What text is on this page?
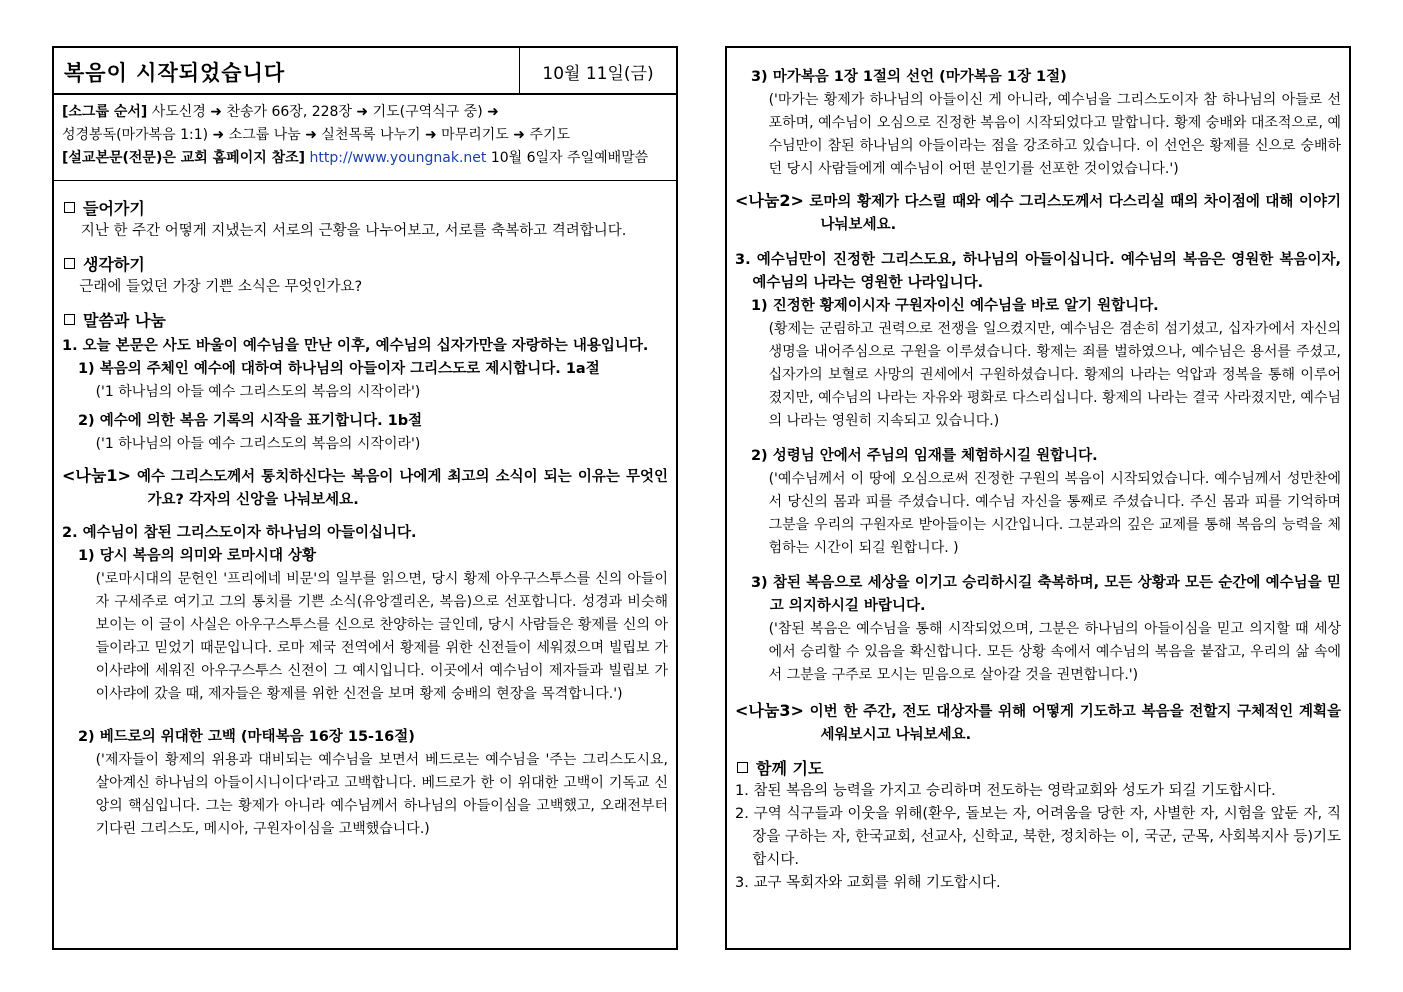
복음이 시작되었습니다	10월 11일(금)
[소그룹 순서] 사도신경 ➜ 찬송가 66장, 228장 ➜ 기도(구역식구 중) ➜
성경봉독(마가복음 1:1) ➜ 소그룹 나눔 ➜ 실천목록 나누기 ➜ 마무리기도 ➜ 주기도
[설교본문(전문)은 교회 홈페이지 참조] http://www.youngnak.net 10월 6일자 주일예배말씀
들어가기
지난 한 주간 어떻게 지냈는지 서로의 근황을 나누어보고, 서로를 축복하고 격려합니다.
생각하기
근래에 들었던 가장 기쁜 소식은 무엇인가요?
말씀과 나눔
1. 오늘 본문은 사도 바울이 예수님을 만난 이후, 예수님의 십자가만을 자랑하는 내용입니다.
1) 복음의 주체인 예수에 대하여 하나님의 아들이자 그리스도로 제시합니다. 1a절
('1 하나님의 아들 예수 그리스도의 복음의 시작이라')
2) 예수에 의한 복음 기록의 시작을 표기합니다. 1b절
('1 하나님의 아들 예수 그리스도의 복음의 시작이라')
<나눔1> 예수 그리스도께서 통치하신다는 복음이 나에게 최고의 소식이 되는 이유는 무엇인가요? 각자의 신앙을 나눠보세요.
2. 예수님이 참된 그리스도이자 하나님의 아들이십니다.
1) 당시 복음의 의미와 로마시대 상황
('로마시대의 문헌인 '프리에네 비문'의 일부를 읽으면, 당시 황제 아우구스투스를 신의 아들이자 구세주로 여기고 그의 통치를 기쁜 소식(유앙겔리온, 복음)으로 선포합니다. 성경과 비슷해 보이는 이 글이 사실은 아우구스투스를 신으로 찬양하는 글인데, 당시 사람들은 황제를 신의 아들이라고 믿었기 때문입니다. 로마 제국 전역에서 황제를 위한 신전들이 세워졌으며 빌립보 가이사랴에 세워진 아우구스투스 신전이 그 예시입니다. 이곳에서 예수님이 제자들과 빌립보 가이사랴에 갔을 때, 제자들은 황제를 위한 신전을 보며 황제 숭배의 현장을 목격합니다.')
2) 베드로의 위대한 고백 (마태복음 16장 15-16절)
('제자들이 황제의 위용과 대비되는 예수님을 보면서 베드로는 예수님을 '주는 그리스도시요, 살아계신 하나님의 아들이시니이다'라고 고백합니다. 베드로가 한 이 위대한 고백이 기독교 신앙의 핵심입니다. 그는 황제가 아니라 예수님께서 하나님의 아들이심을 고백했고, 오래전부터 기다린 그리스도, 메시아, 구원자이심을 고백했습니다.)
3) 마가복음 1장 1절의 선언 (마가복음 1장 1절)
('마가는 황제가 하나님의 아들이신 게 아니라, 예수님을 그리스도이자 참 하나님의 아들로 선포하며, 예수님이 오심으로 진정한 복음이 시작되었다고 말합니다. 황제 숭배와 대조적으로, 예수님만이 참된 하나님의 아들이라는 점을 강조하고 있습니다. 이 선언은 황제를 신으로 숭배하던 당시 사람들에게 예수님이 어떤 분인기를 선포한 것이었습니다.')
<나눔2> 로마의 황제가 다스릴 때와 예수 그리스도께서 다스리실 때의 차이점에 대해 이야기 나눠보세요.
3. 예수님만이 진정한 그리스도요, 하나님의 아들이십니다. 예수님의 복음은 영원한 복음이자, 예수님의 나라는 영원한 나라입니다.
1) 진정한 황제이시자 구원자이신 예수님을 바로 알기 원합니다.
(황제는 군림하고 권력으로 전쟁을 일으켰지만, 예수님은 겸손히 섬기셨고, 십자가에서 자신의 생명을 내어주심으로 구원을 이루셨습니다. 황제는 죄를 벌하였으나, 예수님은 용서를 주셨고, 십자가의 보혈로 사망의 권세에서 구원하셨습니다. 황제의 나라는 억압과 정복을 통해 이루어졌지만, 예수님의 나라는 자유와 평화로 다스리십니다. 황제의 나라는 결국 사라졌지만, 예수님의 나라는 영원히 지속되고 있습니다.)
2) 성령님 안에서 주님의 임재를 체험하시길 원합니다.
('예수님께서 이 땅에 오심으로써 진정한 구원의 복음이 시작되었습니다. 예수님께서 성만찬에서 당신의 몸과 피를 주셨습니다. 예수님 자신을 통째로 주셨습니다. 주신 몸과 피를 기억하며 그분을 우리의 구원자로 받아들이는 시간입니다. 그분과의 깊은 교제를 통해 복음의 능력을 체험하는 시간이 되길 원합니다. )
3) 참된 복음으로 세상을 이기고 승리하시길 축복하며, 모든 상황과 모든 순간에 예수님을 믿고 의지하시길 바랍니다.
('참된 복음은 예수님을 통해 시작되었으며, 그분은 하나님의 아들이심을 믿고 의지할 때 세상에서 승리할 수 있음을 확신합니다. 모든 상황 속에서 예수님의 복음을 붙잡고, 우리의 삶 속에서 그분을 구주로 모시는 믿음으로 살아갈 것을 권면합니다.')
<나눔3> 이번 한 주간, 전도 대상자를 위해 어떻게 기도하고 복음을 전할지 구체적인 계획을 세워보시고 나눠보세요.
함께 기도
1. 참된 복음의 능력을 가지고 승리하며 전도하는 영락교회와 성도가 되길 기도합시다.
2. 구역 식구들과 이웃을 위해(환우, 돌보는 자, 어려움을 당한 자, 사별한 자, 시험을 앞둔 자, 직장을 구하는 자, 한국교회, 선교사, 신학교, 북한, 정치하는 이, 국군, 군목, 사회복지사 등)기도합시다.
3. 교구 목회자와 교회를 위해 기도합시다.
